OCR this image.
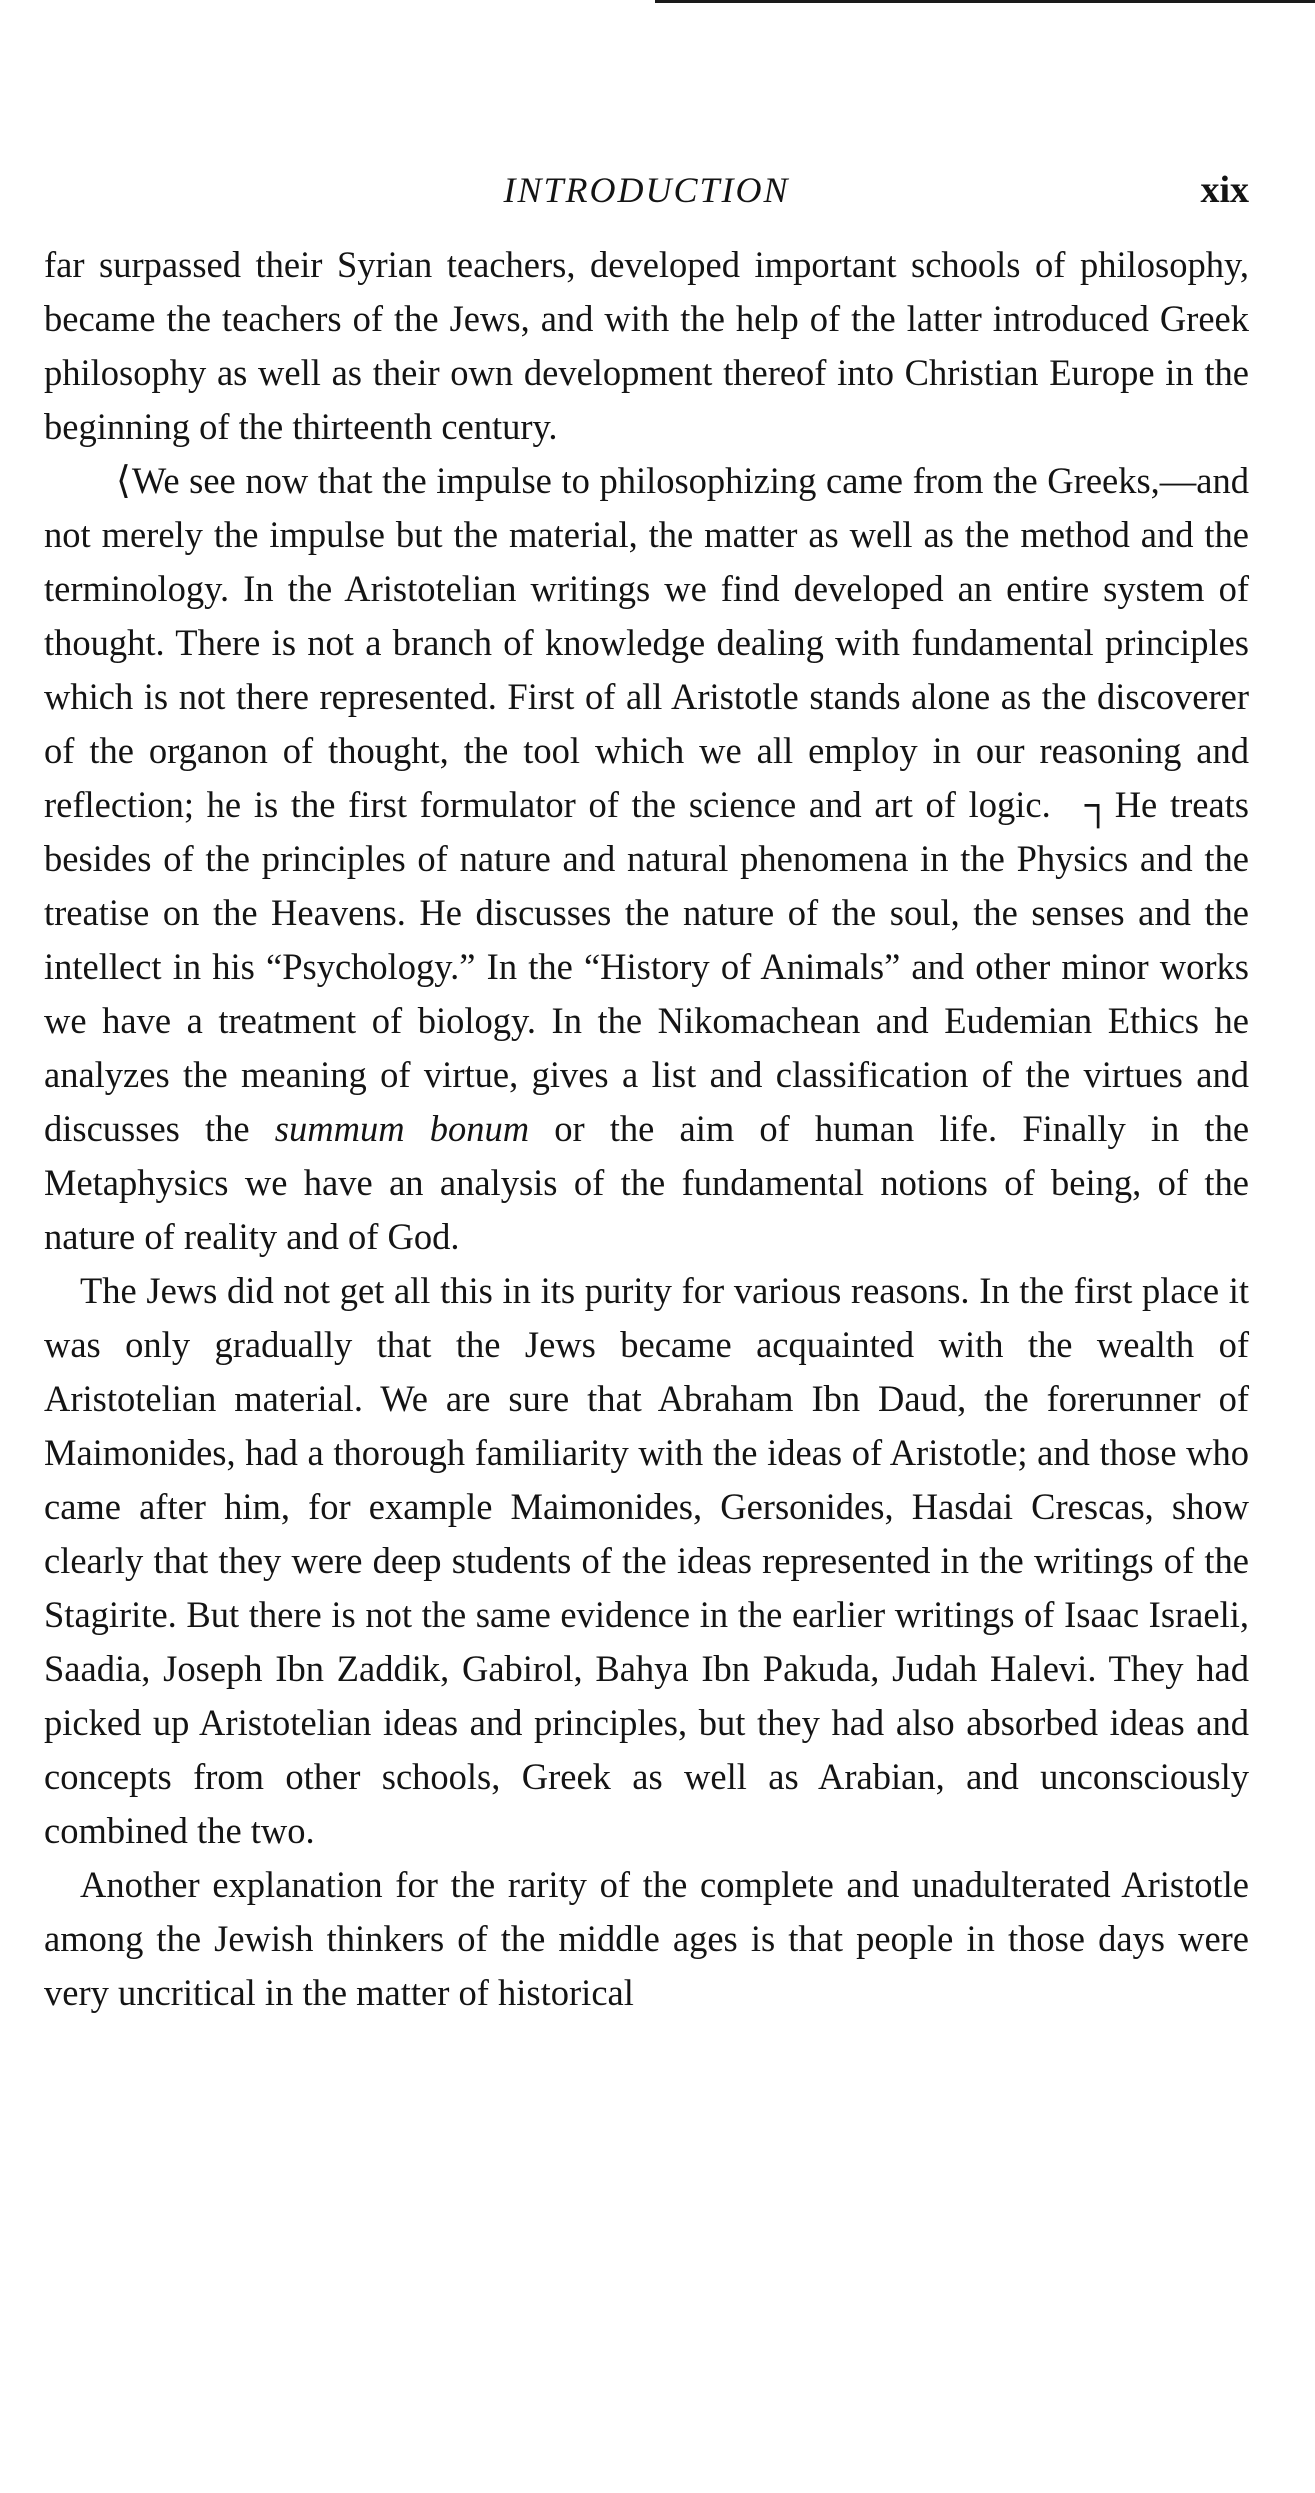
INTRODUCTION	xix

far surpassed their Syrian teachers, developed important schools of philosophy, became the teachers of the Jews, and with the help of the latter introduced Greek philosophy as well as their own development thereof into Christian Europe in the beginning of the thirteenth century.

⟨We see now that the impulse to philosophizing came from the Greeks,—and not merely the impulse but the material, the matter as well as the method and the terminology. In the Aristotelian writings we find developed an entire system of thought. There is not a branch of knowledge dealing with fundamental principles which is not there represented. First of all Aristotle stands alone as the discoverer of the organon of thought, the tool which we all employ in our reasoning and reflection; he is the first formulator of the science and art of logic. ┐He treats besides of the principles of nature and natural phenomena in the Physics and the treatise on the Heavens. He discusses the nature of the soul, the senses and the intellect in his “Psychology.” In the “History of Animals” and other minor works we have a treatment of biology. In the Nikomachean and Eudemian Ethics he analyzes the meaning of virtue, gives a list and classification of the virtues and discusses the summum bonum or the aim of human life. Finally in the Metaphysics we have an analysis of the fundamental notions of being, of the nature of reality and of God.

The Jews did not get all this in its purity for various reasons. In the first place it was only gradually that the Jews became acquainted with the wealth of Aristotelian material. We are sure that Abraham Ibn Daud, the forerunner of Maimonides, had a thorough familiarity with the ideas of Aristotle; and those who came after him, for example Maimonides, Gersonides, Hasdai Crescas, show clearly that they were deep students of the ideas represented in the writings of the Stagirite. But there is not the same evidence in the earlier writings of Isaac Israeli, Saadia, Joseph Ibn Zaddik, Gabirol, Bahya Ibn Pakuda, Judah Halevi. They had picked up Aristotelian ideas and principles, but they had also absorbed ideas and concepts from other schools, Greek as well as Arabian, and unconsciously combined the two.

Another explanation for the rarity of the complete and unadulterated Aristotle among the Jewish thinkers of the middle ages is that people in those days were very uncritical in the matter of historical
